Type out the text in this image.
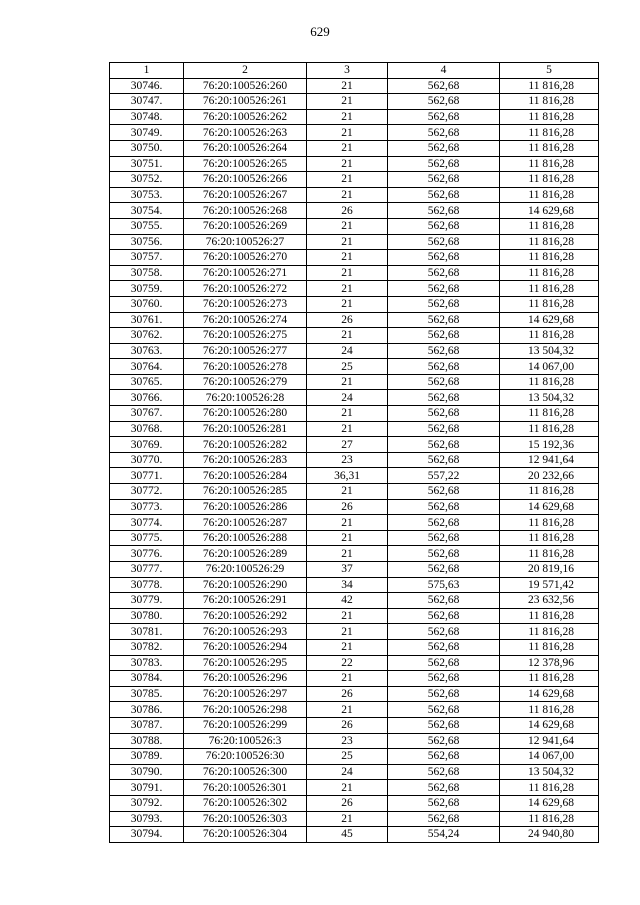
629
1	2	3	4	5
30746.	76:20:100526:260	21	562,68	11 816,28
30747.	76:20:100526:261	21	562,68	11 816,28
30748.	76:20:100526:262	21	562,68	11 816,28
30749.	76:20:100526:263	21	562,68	11 816,28
30750.	76:20:100526:264	21	562,68	11 816,28
30751.	76:20:100526:265	21	562,68	11 816,28
30752.	76:20:100526:266	21	562,68	11 816,28
30753.	76:20:100526:267	21	562,68	11 816,28
30754.	76:20:100526:268	26	562,68	14 629,68
30755.	76:20:100526:269	21	562,68	11 816,28
30756.	76:20:100526:27	21	562,68	11 816,28
30757.	76:20:100526:270	21	562,68	11 816,28
30758.	76:20:100526:271	21	562,68	11 816,28
30759.	76:20:100526:272	21	562,68	11 816,28
30760.	76:20:100526:273	21	562,68	11 816,28
30761.	76:20:100526:274	26	562,68	14 629,68
30762.	76:20:100526:275	21	562,68	11 816,28
30763.	76:20:100526:277	24	562,68	13 504,32
30764.	76:20:100526:278	25	562,68	14 067,00
30765.	76:20:100526:279	21	562,68	11 816,28
30766.	76:20:100526:28	24	562,68	13 504,32
30767.	76:20:100526:280	21	562,68	11 816,28
30768.	76:20:100526:281	21	562,68	11 816,28
30769.	76:20:100526:282	27	562,68	15 192,36
30770.	76:20:100526:283	23	562,68	12 941,64
30771.	76:20:100526:284	36,31	557,22	20 232,66
30772.	76:20:100526:285	21	562,68	11 816,28
30773.	76:20:100526:286	26	562,68	14 629,68
30774.	76:20:100526:287	21	562,68	11 816,28
30775.	76:20:100526:288	21	562,68	11 816,28
30776.	76:20:100526:289	21	562,68	11 816,28
30777.	76:20:100526:29	37	562,68	20 819,16
30778.	76:20:100526:290	34	575,63	19 571,42
30779.	76:20:100526:291	42	562,68	23 632,56
30780.	76:20:100526:292	21	562,68	11 816,28
30781.	76:20:100526:293	21	562,68	11 816,28
30782.	76:20:100526:294	21	562,68	11 816,28
30783.	76:20:100526:295	22	562,68	12 378,96
30784.	76:20:100526:296	21	562,68	11 816,28
30785.	76:20:100526:297	26	562,68	14 629,68
30786.	76:20:100526:298	21	562,68	11 816,28
30787.	76:20:100526:299	26	562,68	14 629,68
30788.	76:20:100526:3	23	562,68	12 941,64
30789.	76:20:100526:30	25	562,68	14 067,00
30790.	76:20:100526:300	24	562,68	13 504,32
30791.	76:20:100526:301	21	562,68	11 816,28
30792.	76:20:100526:302	26	562,68	14 629,68
30793.	76:20:100526:303	21	562,68	11 816,28
30794.	76:20:100526:304	45	554,24	24 940,80
